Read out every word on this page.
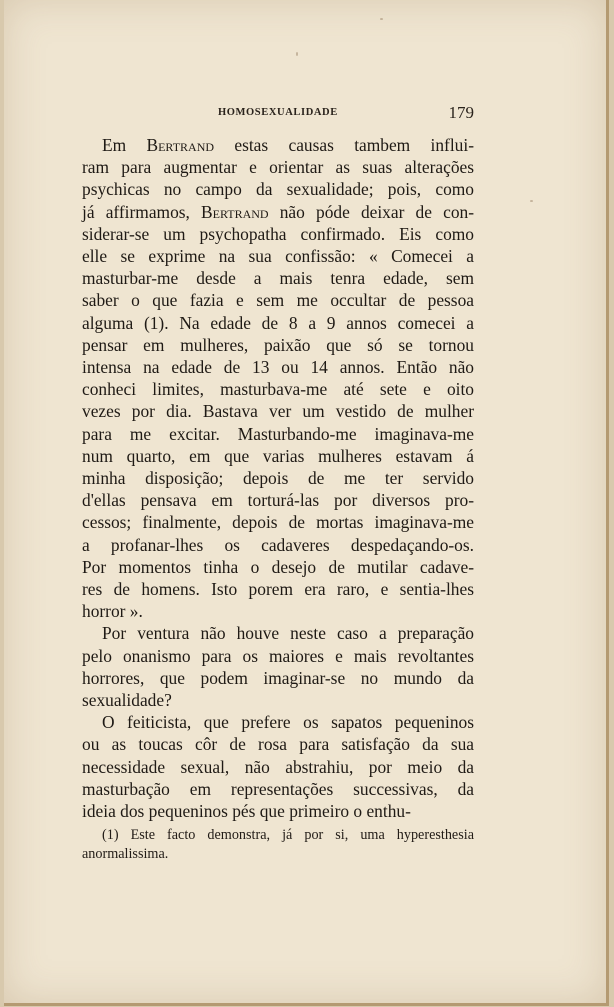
HOMOSEXUALIDADE	179
Em Bertrand estas causas tambem influi-
ram para augmentar e orientar as suas alterações
psychicas no campo da sexualidade; pois, como
já affirmamos, Bertrand não póde deixar de con-
siderar-se um psychopatha confirmado. Eis como
elle se exprime na sua confissão: « Comecei a
masturbar-me desde a mais tenra edade, sem
saber o que fazia e sem me occultar de pessoa
alguma (1). Na edade de 8 a 9 annos comecei a
pensar em mulheres, paixão que só se tornou
intensa na edade de 13 ou 14 annos. Então não
conheci limites, masturbava-me até sete e oito
vezes por dia. Bastava ver um vestido de mulher
para me excitar. Masturbando-me imaginava-me
num quarto, em que varias mulheres estavam á
minha disposição; depois de me ter servido
d'ellas pensava em torturá-las por diversos pro-
cessos; finalmente, depois de mortas imaginava-me
a profanar-lhes os cadaveres despedaçando-os.
Por momentos tinha o desejo de mutilar cadave-
res de homens. Isto porem era raro, e sentia-lhes
horror ».
Por ventura não houve neste caso a preparação
pelo onanismo para os maiores e mais revoltantes
horrores, que podem imaginar-se no mundo da
sexualidade?
O feiticista, que prefere os sapatos pequeninos
ou as toucas côr de rosa para satisfação da sua
necessidade sexual, não abstrahiu, por meio da
masturbação em representações successivas, da
ideia dos pequeninos pés que primeiro o enthu-
(1) Este facto demonstra, já por si, uma hyperesthesia
anormalissima.
